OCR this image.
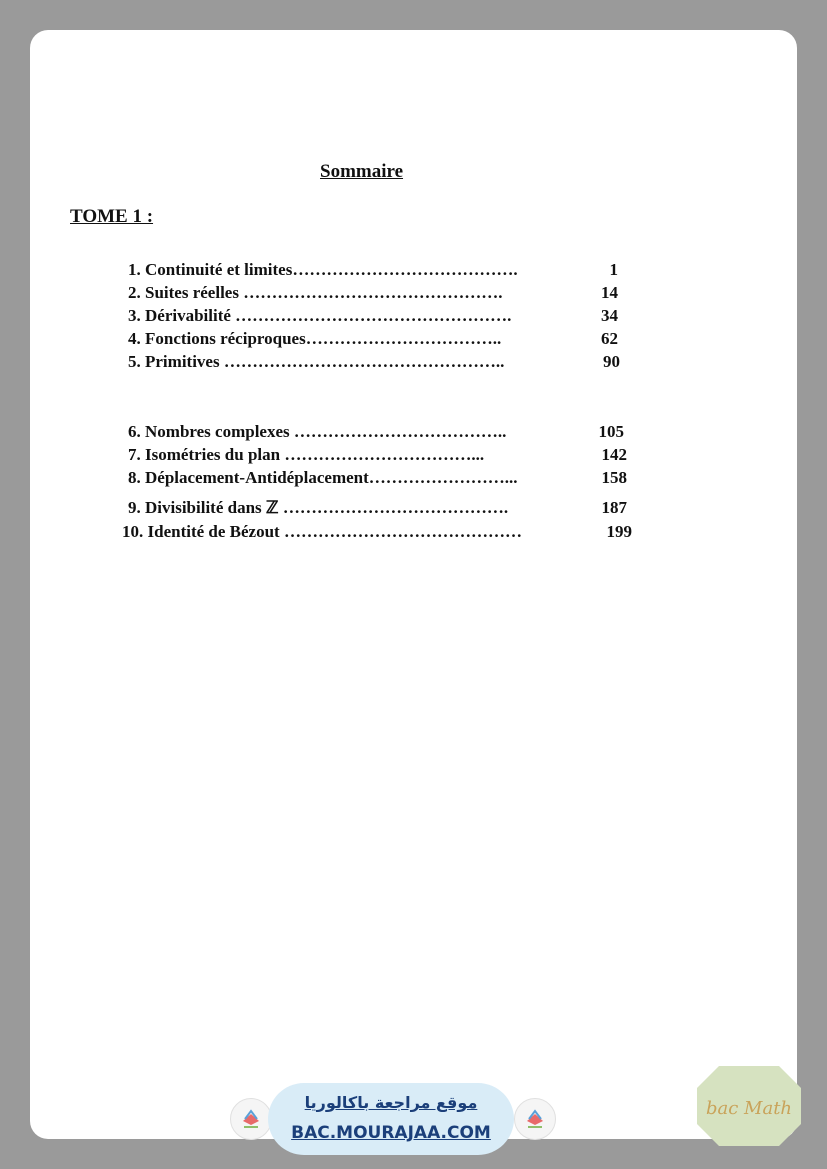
Sommaire
TOME 1 :
1. Continuité et limites………………………………….	1
2. Suites réelles ……………………………………….	14
3. Dérivabilité ………………………………………….	34
4. Fonctions réciproques……………………………..	62
5. Primitives …………………………………………..	90
6. Nombres complexes ………………………………..	105
7. Isométries du plan ……………………………...	142
8. Déplacement-Antidéplacement……………………...	158
9. Divisibilité dans ℤ ………………………………….	187
10. Identité de Bézout ……………………………………	199
موقع مراجعة باكالوريا
BAC.MOURAJAA.COM
bac Math
